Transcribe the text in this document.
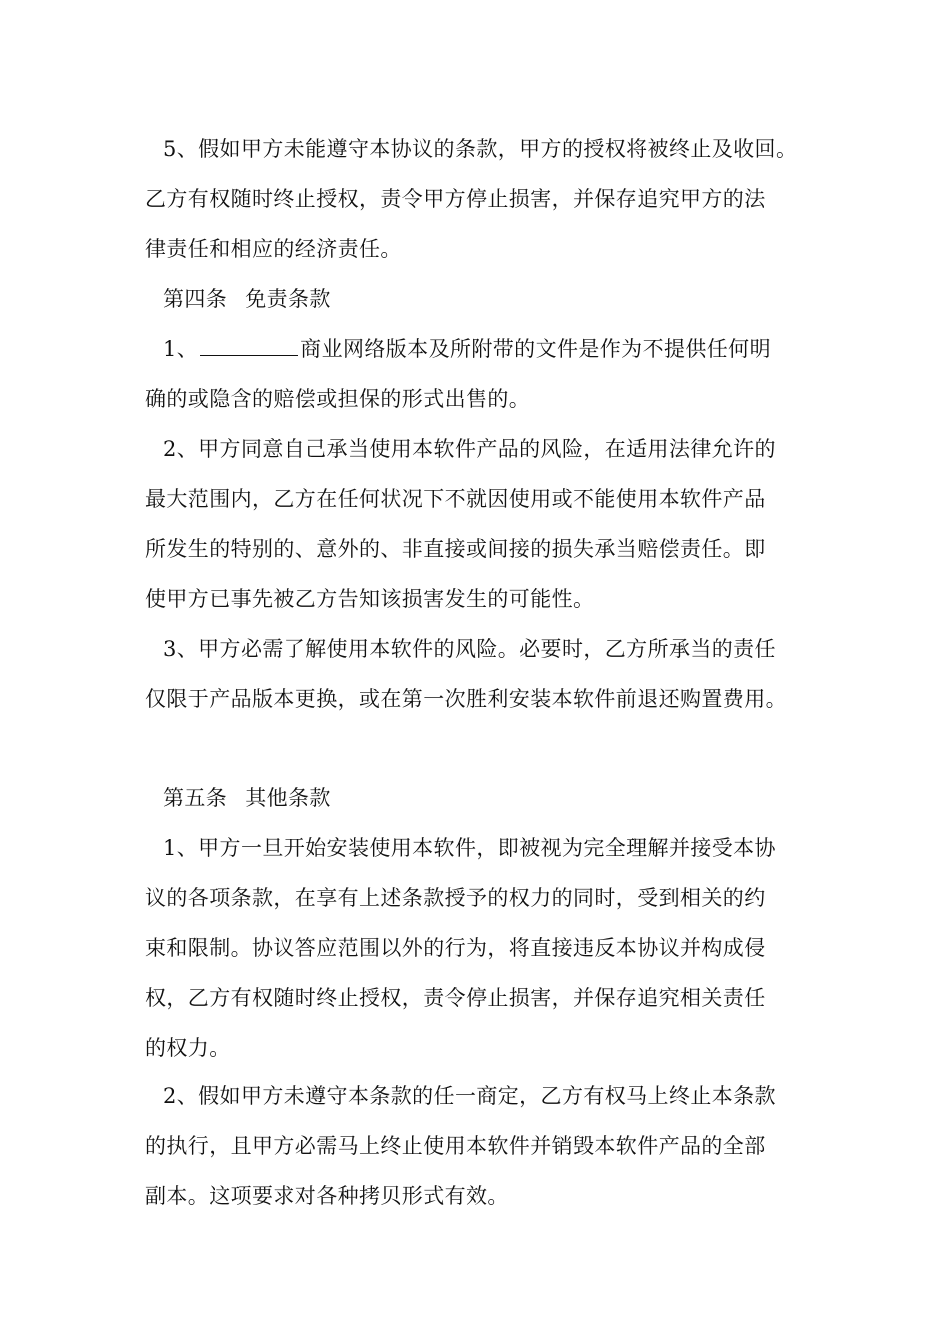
5、假如甲方未能遵守本协议的条款，甲方的授权将被终止及收回。
乙方有权随时终止授权，责令甲方停止损害，并保存追究甲方的法
律责任和相应的经济责任。
第四条 免责条款
1、	商业网络版本及所附带的文件是作为不提供任何明
确的或隐含的赔偿或担保的形式出售的。
2、甲方同意自己承当使用本软件产品的风险，在适用法律允许的
最大范围内，乙方在任何状况下不就因使用或不能使用本软件产品
所发生的特别的、意外的、非直接或间接的损失承当赔偿责任。即
使甲方已事先被乙方告知该损害发生的可能性。
3、甲方必需了解使用本软件的风险。必要时，乙方所承当的责任
仅限于产品版本更换，或在第一次胜利安装本软件前退还购置费用。
第五条 其他条款
1、甲方一旦开始安装使用本软件，即被视为完全理解并接受本协
议的各项条款，在享有上述条款授予的权力的同时，受到相关的约
束和限制。协议答应范围以外的行为，将直接违反本协议并构成侵
权，乙方有权随时终止授权，责令停止损害，并保存追究相关责任
的权力。
2、假如甲方未遵守本条款的任一商定，乙方有权马上终止本条款
的执行，且甲方必需马上终止使用本软件并销毁本软件产品的全部
副本。这项要求对各种拷贝形式有效。
